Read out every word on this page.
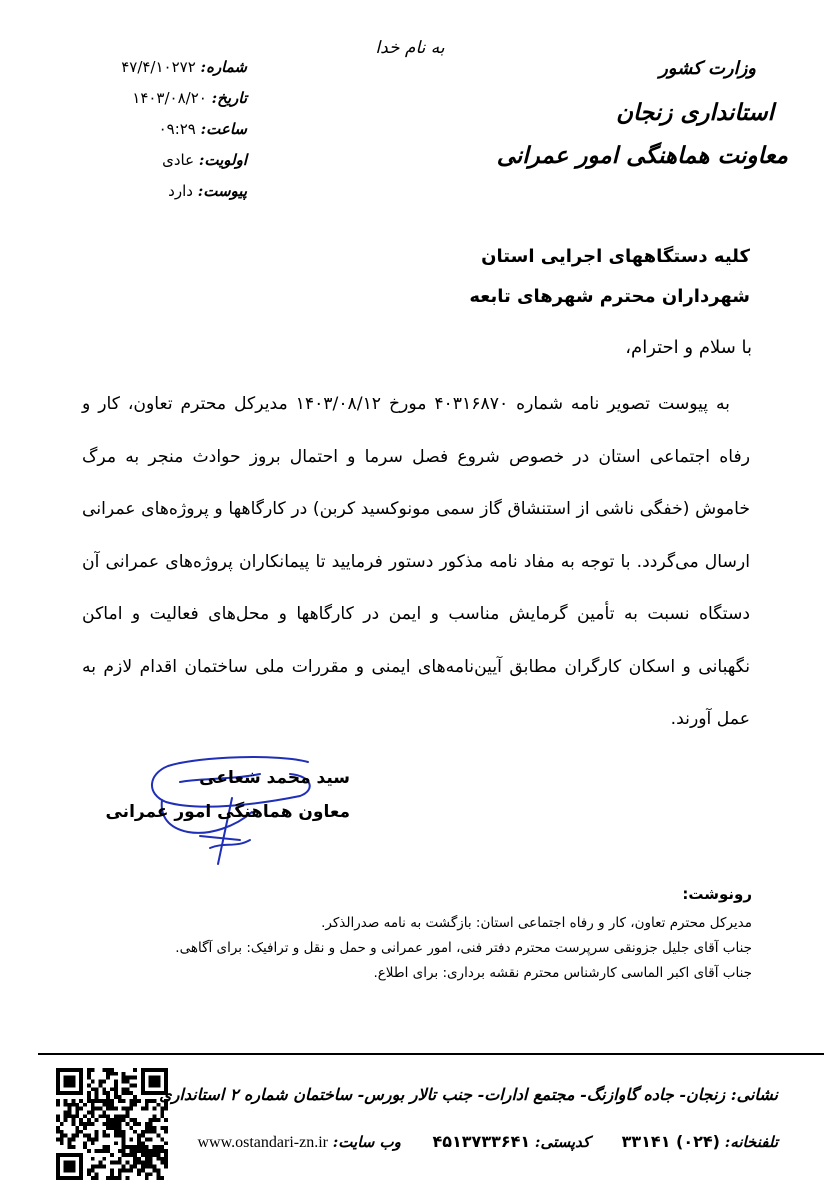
به نام خدا
وزارت کشور
استانداری زنجان
معاونت هماهنگی امور عمرانی
شماره: ۴۷/۴/۱۰۲۷۲
تاریخ: ۱۴۰۳/۰۸/۲۰
ساعت: ۰۹:۲۹
اولویت: عادی
پیوست: دارد
کلیه دستگاههای اجرایی استان
شهرداران محترم شهرهای تابعه
با سلام و احترام،
به پیوست تصویر نامه شماره ۴۰۳۱۶۸۷۰ مورخ ۱۴۰۳/۰۸/۱۲ مدیرکل محترم تعاون، کار و رفاه اجتماعی استان در خصوص شروع فصل سرما و احتمال بروز حوادث منجر به مرگ خاموش (خفگی ناشی از استنشاق گاز سمی مونوکسید کربن) در کارگاهها و پروژه‌های عمرانی ارسال می‌گردد. با توجه به مفاد نامه مذکور دستور فرمایید تا پیمانکاران پروژه‌های عمرانی آن دستگاه نسبت به تأمین گرمایش مناسب و ایمن در کارگاهها و محل‌های فعالیت و اماکن نگهبانی و اسکان کارگران مطابق آیین‌نامه‌های ایمنی و مقررات ملی ساختمان اقدام لازم به عمل آورند.
سید محمد شعاعی
معاون هماهنگی امور عمرانی
رونوشت:
مدیرکل محترم تعاون، کار و رفاه اجتماعی استان: بازگشت به نامه صدرالذکر.
جناب آقای جلیل جزونقی سرپرست محترم دفتر فنی، امور عمرانی و حمل و نقل و ترافیک: برای آگاهی.
جناب آقای اکبر الماسی کارشناس محترم نقشه برداری: برای اطلاع.
نشانی: زنجان- جاده گاوازنگ- مجتمع ادارات- جنب تالار بورس- ساختمان شماره ۲ استانداری
تلفنخانه: (۰۲۴) ۳۳۱۴۱  کدپستی: ۴۵۱۳۷۳۳۶۴۱  وب سایت: www.ostandari-zn.ir
